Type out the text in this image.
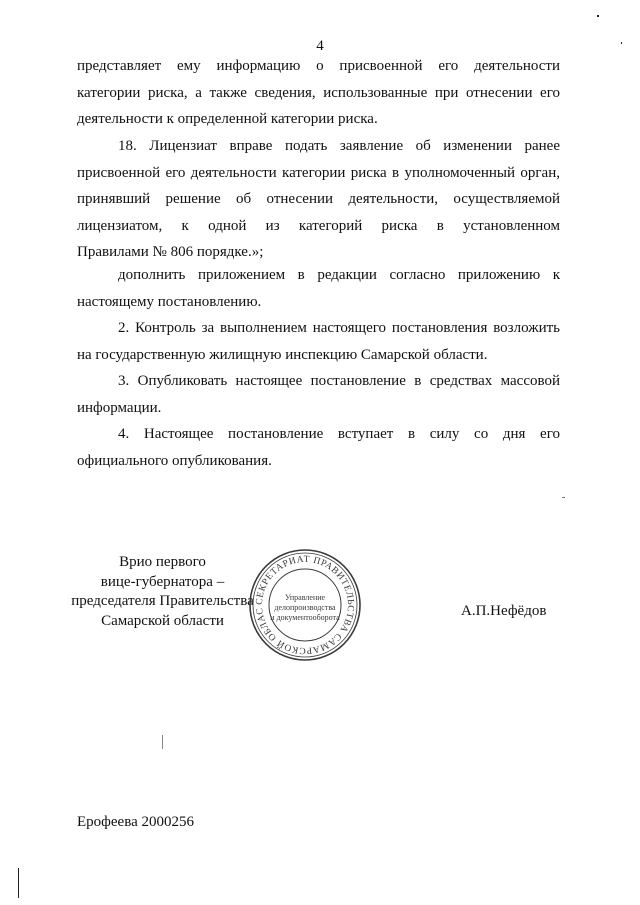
4

представляет ему информацию о присвоенной его деятельности
категории риска, а также сведения, использованные при отнесении его
деятельности к определенной категории риска.

18. Лицензиат вправе подать заявление об изменении ранее
присвоенной его деятельности категории риска в уполномоченный орган,
принявший решение об отнесении деятельности, осуществляемой
лицензиатом, к одной из категорий риска в установленном
Правилами № 806 порядке.»;
дополнить приложением в редакции согласно приложению к
настоящему постановлению.
2. Контроль за выполнением настоящего постановления возложить
на государственную жилищную инспекцию Самарской области.
3. Опубликовать настоящее постановление в средствах массовой
информации.
4. Настоящее постановление вступает в силу со дня его
официального опубликования.
Врио первого
вице-губернатора –
председателя Правительства
Самарской области
СЕКРЕТАРИАТ ПРАВИТЕЛЬСТВА САМАРСКОЙ ОБЛАС
Управление
делопроизводства
и документооборота	А.П.Нефёдов
Ерофеева 2000256
